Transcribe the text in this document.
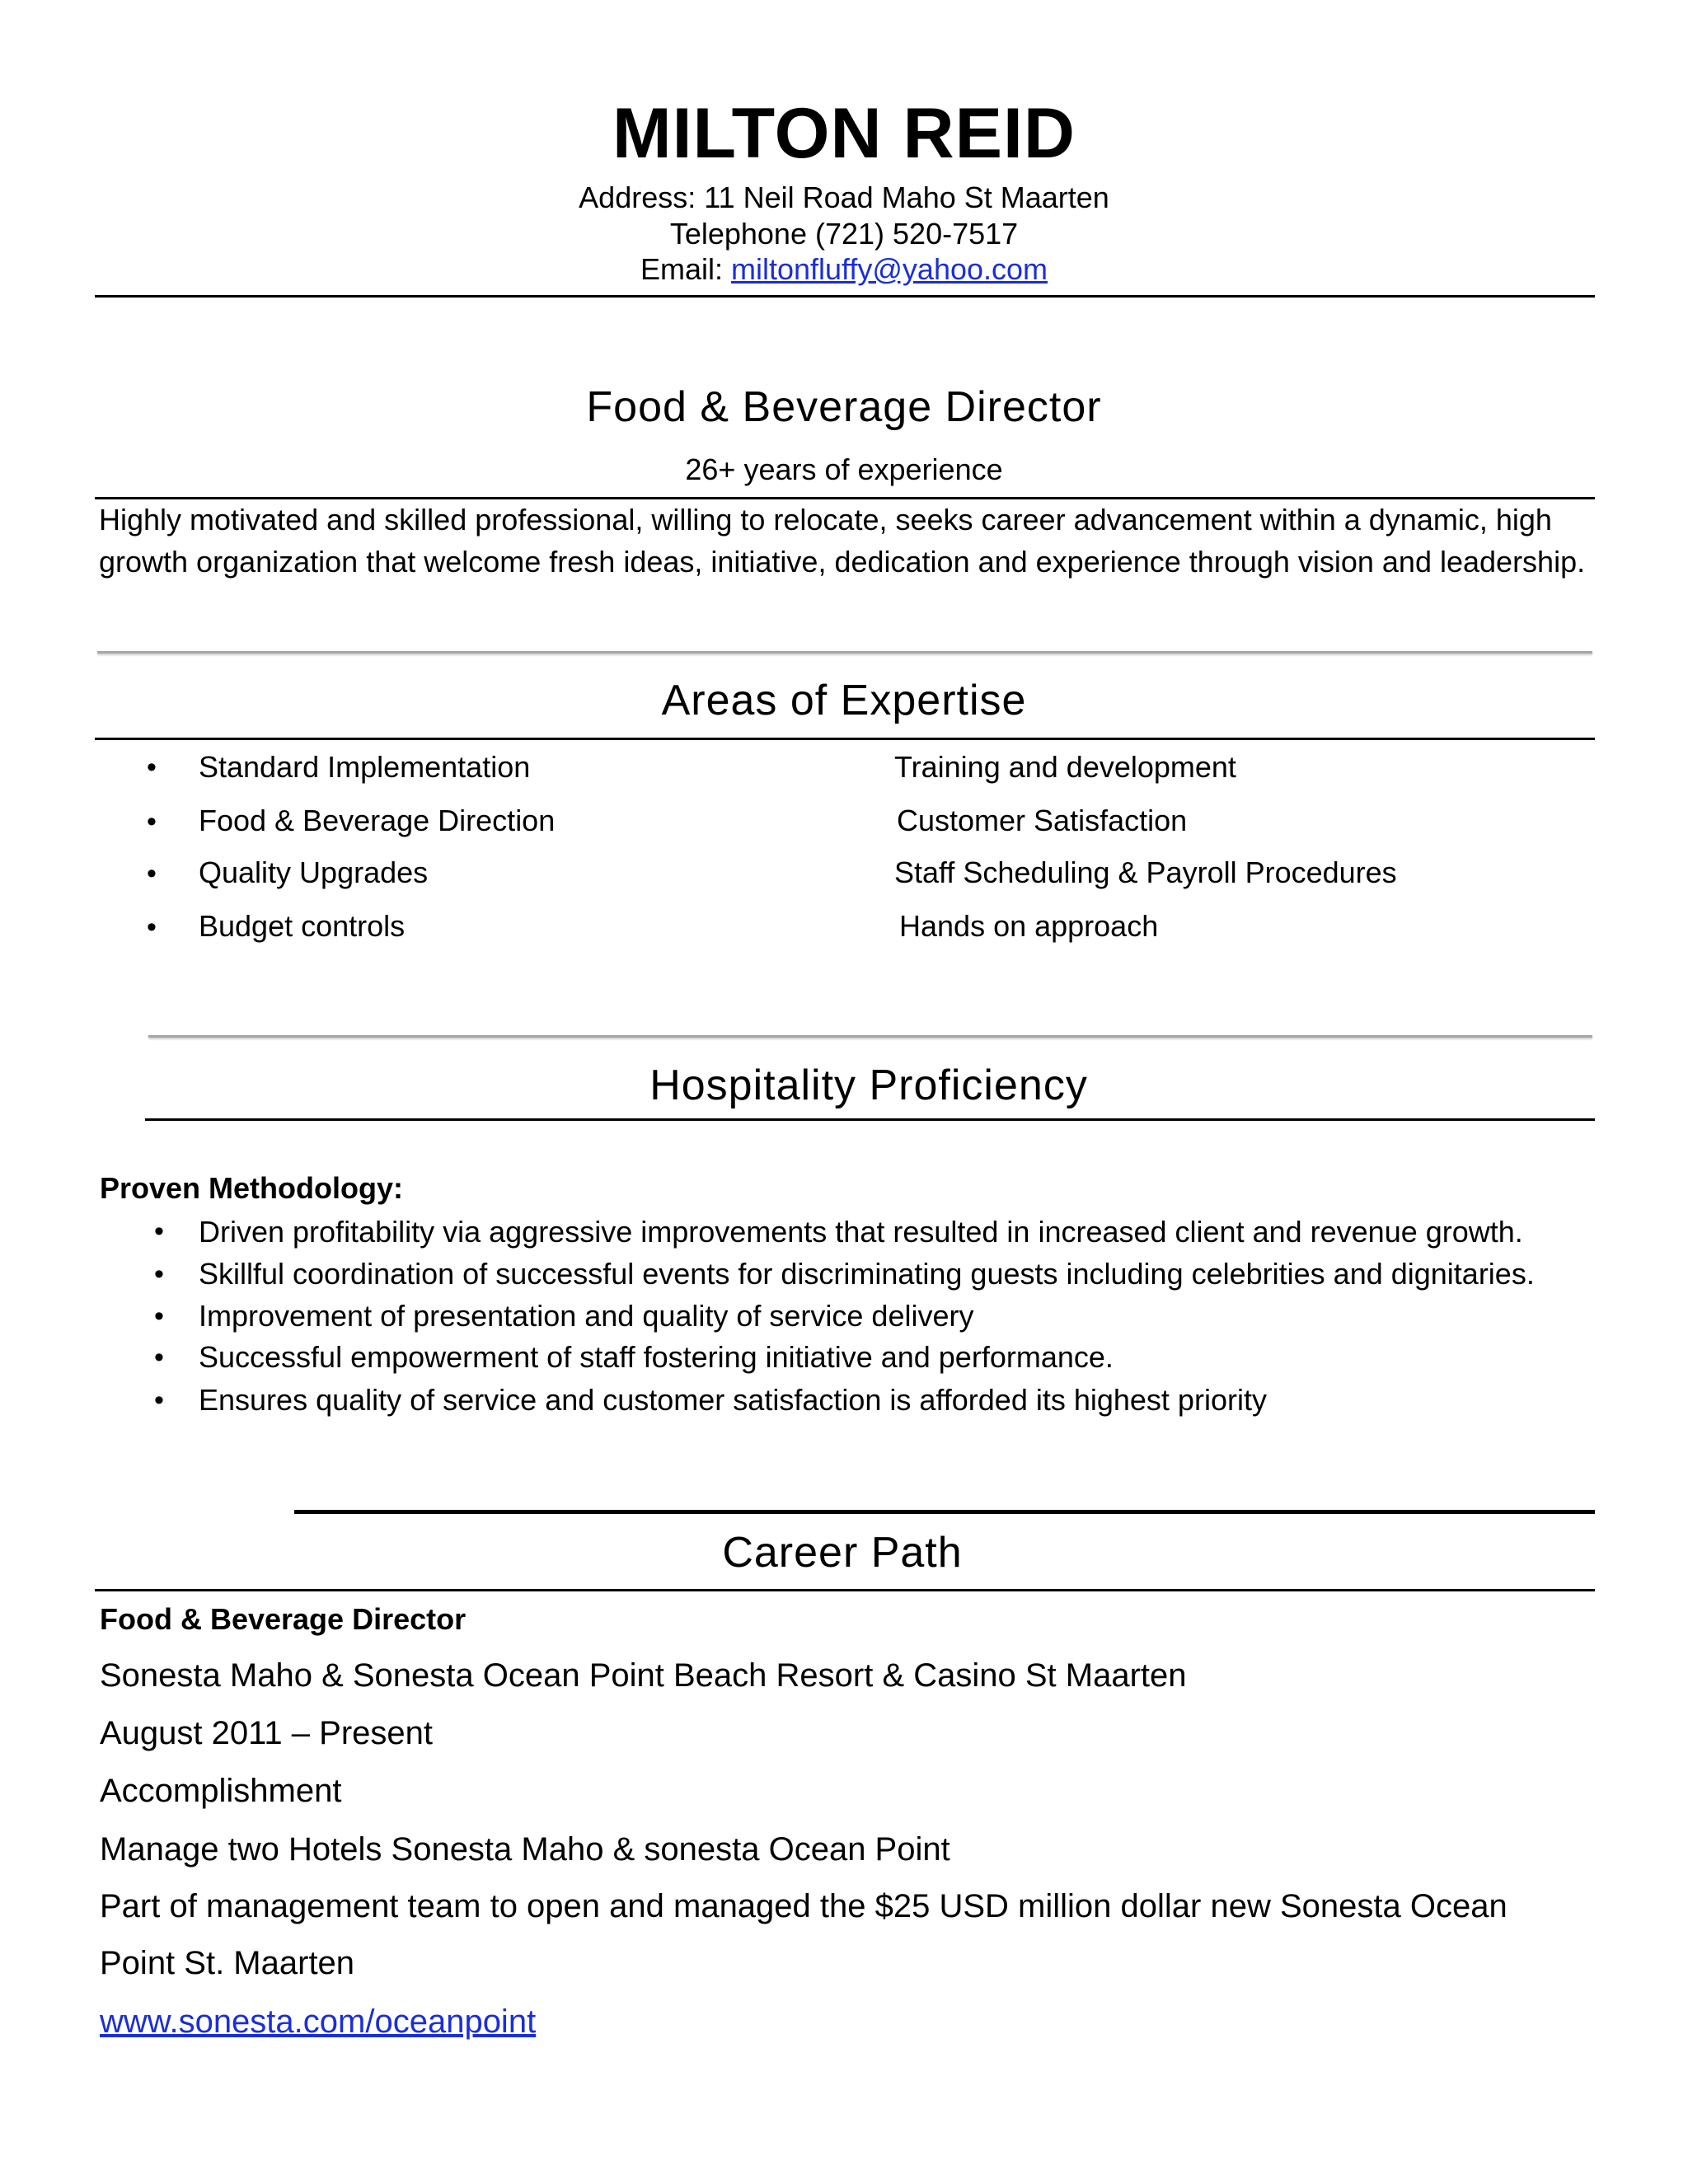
MILTON REID
Address: 11 Neil Road Maho St Maarten
Telephone (721) 520-7517
Email: miltonfluffy@yahoo.com
Food & Beverage Director
26+ years of experience
Highly motivated and skilled professional, willing to relocate, seeks career advancement within a dynamic, high growth organization that welcome fresh ideas, initiative, dedication and experience through vision and leadership.
Areas of Expertise
• Standard Implementation	Training and development
• Food & Beverage Direction	Customer Satisfaction
• Quality Upgrades	Staff Scheduling & Payroll Procedures
• Budget controls	Hands on approach
Hospitality Proficiency
Proven Methodology:
• Driven profitability via aggressive improvements that resulted in increased client and revenue growth.
• Skillful coordination of successful events for discriminating guests including celebrities and dignitaries.
• Improvement of presentation and quality of service delivery
• Successful empowerment of staff fostering initiative and performance.
• Ensures quality of service and customer satisfaction is afforded its highest priority
Career Path
Food & Beverage Director
Sonesta Maho & Sonesta Ocean Point Beach Resort & Casino St Maarten
August 2011 – Present
Accomplishment
Manage two Hotels Sonesta Maho & sonesta Ocean Point
Part of management team to open and managed the $25 USD million dollar new Sonesta Ocean
Point St. Maarten
www.sonesta.com/oceanpoint
